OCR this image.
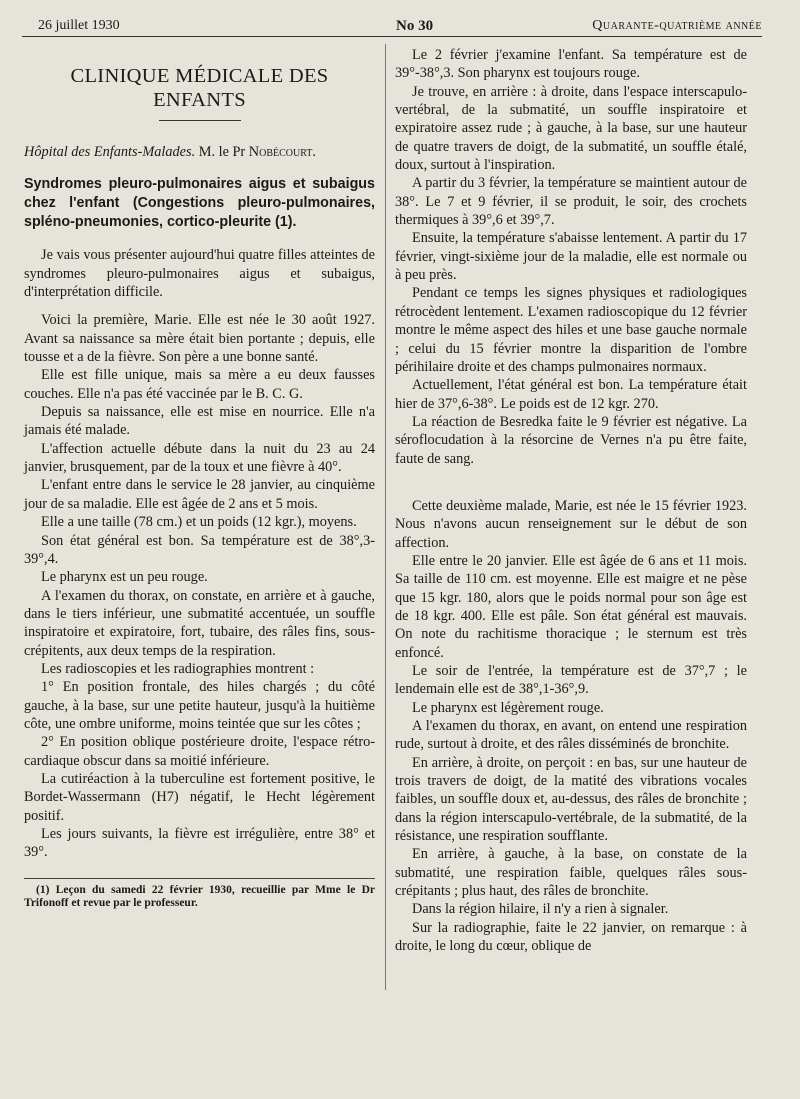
26 juillet 1930	No 30	Quarante-quatrième année
CLINIQUE MÉDICALE DES ENFANTS

Hôpital des Enfants-Malades. M. le Pr Nobécourt.

Syndromes pleuro-pulmonaires aigus et subaigus chez l'enfant (Congestions pleuro-pulmonaires, spléno-pneumonies, cortico-pleurite (1).

Je vais vous présenter aujourd'hui quatre filles atteintes de syndromes pleuro-pulmonaires aigus et subaigus, d'interprétation difficile.

Voici la première, Marie. Elle est née le 30 août 1927. Avant sa naissance sa mère était bien portante ; depuis, elle tousse et a de la fièvre. Son père a une bonne santé.

Elle est fille unique, mais sa mère a eu deux fausses couches. Elle n'a pas été vaccinée par le B. C. G.

Depuis sa naissance, elle est mise en nourrice. Elle n'a jamais été malade.

L'affection actuelle débute dans la nuit du 23 au 24 janvier, brusquement, par de la toux et une fièvre à 40°.

L'enfant entre dans le service le 28 janvier, au cinquième jour de sa maladie. Elle est âgée de 2 ans et 5 mois.

Elle a une taille (78 cm.) et un poids (12 kgr.), moyens.

Son état général est bon. Sa température est de 38°,3-39°,4.

Le pharynx est un peu rouge.

A l'examen du thorax, on constate, en arrière et à gauche, dans le tiers inférieur, une submatité accentuée, un souffle inspiratoire et expiratoire, fort, tubaire, des râles fins, sous-crépitents, aux deux temps de la respiration.

Les radioscopies et les radiographies montrent :

1° En position frontale, des hiles chargés ; du côté gauche, à la base, sur une petite hauteur, jusqu'à la huitième côte, une ombre uniforme, moins teintée que sur les côtes ;

2° En position oblique postérieure droite, l'espace rétro-cardiaque obscur dans sa moitié inférieure.

La cutiréaction à la tuberculine est fortement positive, le Bordet-Wassermann (H7) négatif, le Hecht légèrement positif.

Les jours suivants, la fièvre est irrégulière, entre 38° et 39°.

(1) Leçon du samedi 22 février 1930, recueillie par Mme le Dr Trifonoff et revue par le professeur.

Le 2 février j'examine l'enfant. Sa température est de 39°-38°,3. Son pharynx est toujours rouge.

Je trouve, en arrière : à droite, dans l'espace interscapulo-vertébral, de la submatité, un souffle inspiratoire et expiratoire assez rude ; à gauche, à la base, sur une hauteur de quatre travers de doigt, de la submatité, un souffle étalé, doux, surtout à l'inspiration.

A partir du 3 février, la température se maintient autour de 38°. Le 7 et 9 février, il se produit, le soir, des crochets thermiques à 39°,6 et 39°,7.

Ensuite, la température s'abaisse lentement. A partir du 17 février, vingt-sixième jour de la maladie, elle est normale ou à peu près.

Pendant ce temps les signes physiques et radiologiques rétrocèdent lentement. L'examen radioscopique du 12 février montre le même aspect des hiles et une base gauche normale ; celui du 15 février montre la disparition de l'ombre périhilaire droite et des champs pulmonaires normaux.

Actuellement, l'état général est bon. La température était hier de 37°,6-38°. Le poids est de 12 kgr. 270.

La réaction de Besredka faite le 9 février est négative. La séroflocudation à la résorcine de Vernes n'a pu être faite, faute de sang.

Cette deuxième malade, Marie, est née le 15 février 1923. Nous n'avons aucun renseignement sur le début de son affection.

Elle entre le 20 janvier. Elle est âgée de 6 ans et 11 mois. Sa taille de 110 cm. est moyenne. Elle est maigre et ne pèse que 15 kgr. 180, alors que le poids normal pour son âge est de 18 kgr. 400. Elle est pâle. Son état général est mauvais. On note du rachitisme thoracique ; le sternum est très enfoncé.

Le soir de l'entrée, la température est de 37°,7 ; le lendemain elle est de 38°,1-36°,9.

Le pharynx est légèrement rouge.

A l'examen du thorax, en avant, on entend une respiration rude, surtout à droite, et des râles disséminés de bronchite.

En arrière, à droite, on perçoit : en bas, sur une hauteur de trois travers de doigt, de la matité des vibrations vocales faibles, un souffle doux et, au-dessus, des râles de bronchite ; dans la région interscapulo-vertébrale, de la submatité, de la résistance, une respiration soufflante.

En arrière, à gauche, à la base, on constate de la submatité, une respiration faible, quelques râles sous-crépitants ; plus haut, des râles de bronchite.

Dans la région hilaire, il n'y a rien à signaler.

Sur la radiographie, faite le 22 janvier, on remarque : à droite, le long du cœur, oblique de
